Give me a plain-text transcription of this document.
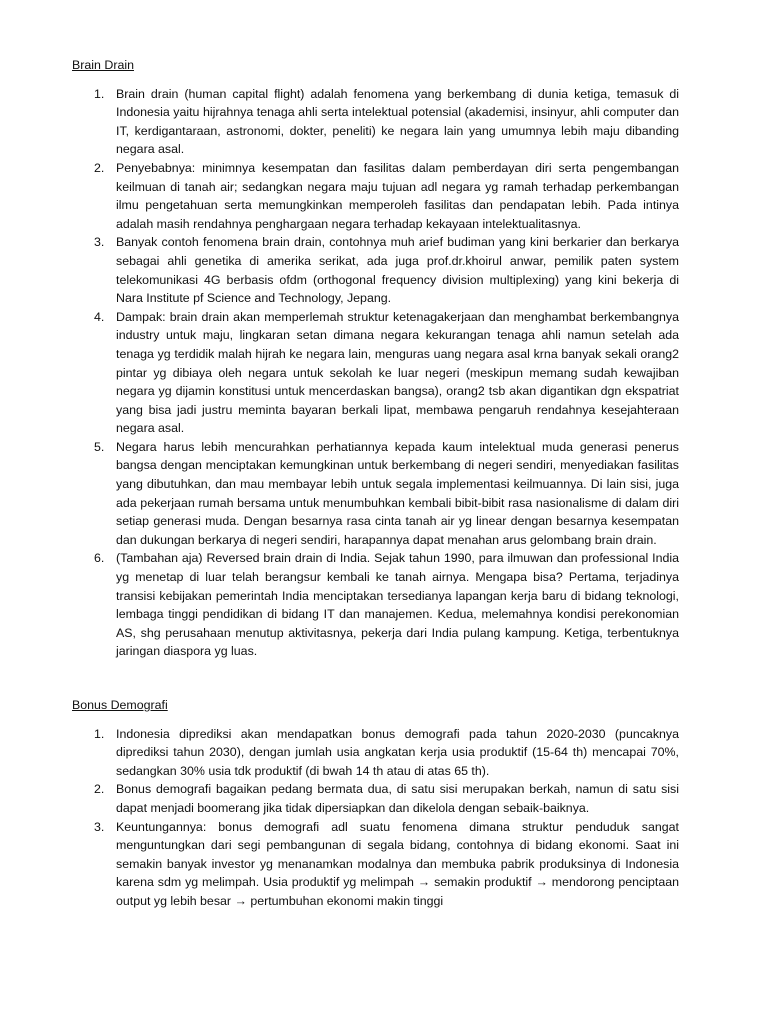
Brain Drain

1. Brain drain (human capital flight) adalah fenomena yang berkembang di dunia ketiga, temasuk di Indonesia yaitu hijrahnya tenaga ahli serta intelektual potensial (akademisi, insinyur, ahli computer dan IT, kerdigantaraan, astronomi, dokter, peneliti) ke negara lain yang umumnya lebih maju dibanding negara asal.
2. Penyebabnya: minimnya kesempatan dan fasilitas dalam pemberdayan diri serta pengembangan keilmuan di tanah air; sedangkan negara maju tujuan adl negara yg ramah terhadap perkembangan ilmu pengetahuan serta memungkinkan memperoleh fasilitas dan pendapatan lebih. Pada intinya adalah masih rendahnya penghargaan negara terhadap kekayaan intelektualitasnya.
3. Banyak contoh fenomena brain drain, contohnya muh arief budiman yang kini berkarier dan berkarya sebagai ahli genetika di amerika serikat, ada juga prof.dr.khoirul anwar, pemilik paten system telekomunikasi 4G berbasis ofdm (orthogonal frequency division multiplexing) yang kini bekerja di Nara Institute pf Science and Technology, Jepang.
4. Dampak: brain drain akan memperlemah struktur ketenagakerjaan dan menghambat berkembangnya industry untuk maju, lingkaran setan dimana negara kekurangan tenaga ahli namun setelah ada tenaga yg terdidik malah hijrah ke negara lain, menguras uang negara asal krna banyak sekali orang2 pintar yg dibiaya oleh negara untuk sekolah ke luar negeri (meskipun memang sudah kewajiban negara yg dijamin konstitusi untuk mencerdaskan bangsa), orang2 tsb akan digantikan dgn ekspatriat yang bisa jadi justru meminta bayaran berkali lipat, membawa pengaruh rendahnya kesejahteraan negara asal.
5. Negara harus lebih mencurahkan perhatiannya kepada kaum intelektual muda generasi penerus bangsa dengan menciptakan kemungkinan untuk berkembang di negeri sendiri, menyediakan fasilitas yang dibutuhkan, dan mau membayar lebih untuk segala implementasi keilmuannya. Di lain sisi, juga ada pekerjaan rumah bersama untuk menumbuhkan kembali bibit-bibit rasa nasionalisme di dalam diri setiap generasi muda. Dengan besarnya rasa cinta tanah air yg linear dengan besarnya kesempatan dan dukungan berkarya di negeri sendiri, harapannya dapat menahan arus gelombang brain drain.
6. (Tambahan aja) Reversed brain drain di India. Sejak tahun 1990, para ilmuwan dan professional India yg menetap di luar telah berangsur kembali ke tanah airnya. Mengapa bisa? Pertama, terjadinya transisi kebijakan pemerintah India menciptakan tersedianya lapangan kerja baru di bidang teknologi, lembaga tinggi pendidikan di bidang IT dan manajemen. Kedua, melemahnya kondisi perekonomian AS, shg perusahaan menutup aktivitasnya, pekerja dari India pulang kampung. Ketiga, terbentuknya jaringan diaspora yg luas.

Bonus Demografi

1. Indonesia diprediksi akan mendapatkan bonus demografi pada tahun 2020-2030 (puncaknya diprediksi tahun 2030), dengan jumlah usia angkatan kerja usia produktif (15-64 th) mencapai 70%, sedangkan 30% usia tdk produktif (di bwah 14 th atau di atas 65 th).
2. Bonus demografi bagaikan pedang bermata dua, di satu sisi merupakan berkah, namun di satu sisi dapat menjadi boomerang jika tidak dipersiapkan dan dikelola dengan sebaik-baiknya.
3. Keuntungannya: bonus demografi adl suatu fenomena dimana struktur penduduk sangat menguntungkan dari segi pembangunan di segala bidang, contohnya di bidang ekonomi. Saat ini semakin banyak investor yg menanamkan modalnya dan membuka pabrik produksinya di Indonesia karena sdm yg melimpah. Usia produktif yg melimpah → semakin produktif → mendorong penciptaan output yg lebih besar → pertumbuhan ekonomi makin tinggi
